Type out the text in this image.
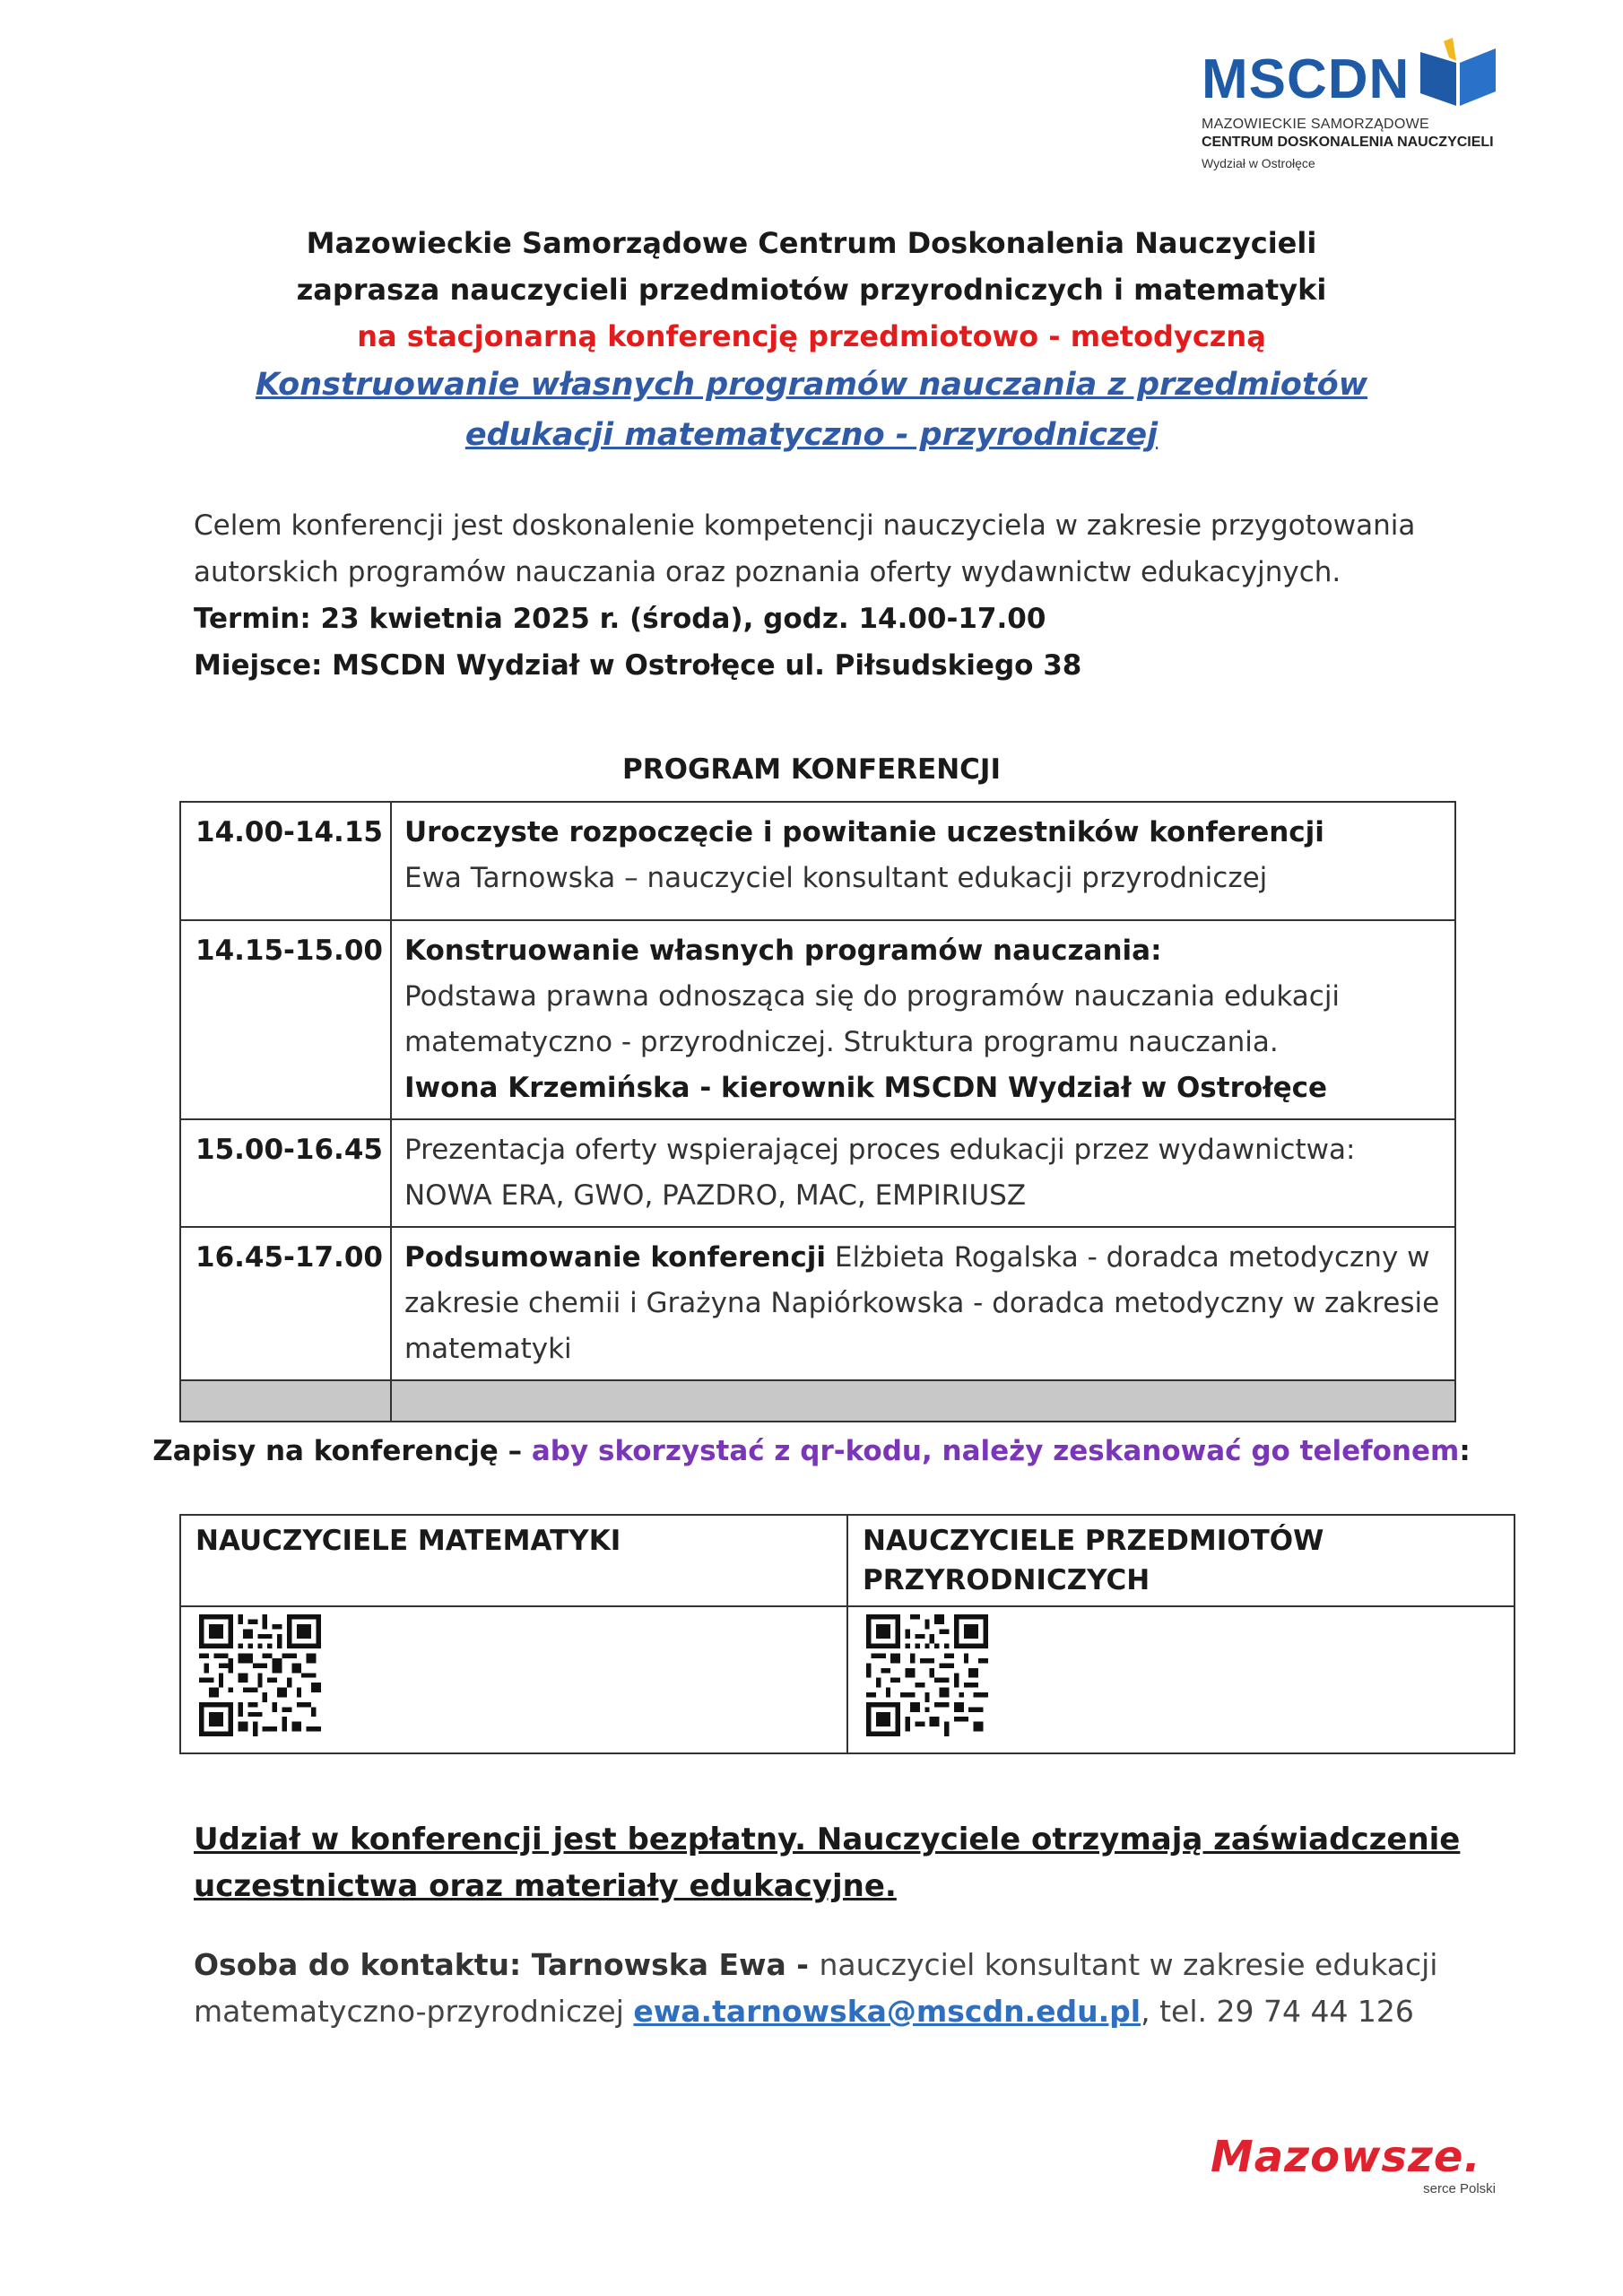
MSCDN
MAZOWIECKIE SAMORZĄDOWE
CENTRUM DOSKONALENIA NAUCZYCIELI
Wydział w Ostrołęce
Mazowieckie Samorządowe Centrum Doskonalenia Nauczycieli
zaprasza nauczycieli przedmiotów przyrodniczych i matematyki
na stacjonarną konferencję przedmiotowo - metodyczną
Konstruowanie własnych programów nauczania z przedmiotów
edukacji matematyczno - przyrodniczej
Celem konferencji jest doskonalenie kompetencji nauczyciela w zakresie przygotowania autorskich programów nauczania oraz poznania oferty wydawnictw edukacyjnych.
Termin: 23 kwietnia 2025 r. (środa), godz. 14.00-17.00
Miejsce: MSCDN Wydział w Ostrołęce ul. Piłsudskiego 38
PROGRAM KONFERENCJI
14.00-14.15	Uroczyste rozpoczęcie i powitanie uczestników konferencji
Ewa Tarnowska – nauczyciel konsultant edukacji przyrodniczej

14.15-15.00	Konstruowanie własnych programów nauczania:
Podstawa prawna odnosząca się do programów nauczania edukacji matematyczno - przyrodniczej. Struktura programu nauczania.
Iwona Krzemińska - kierownik MSCDN Wydział w Ostrołęce

15.00-16.45	Prezentacja oferty wspierającej proces edukacji przez wydawnictwa: NOWA ERA, GWO, PAZDRO, MAC, EMPIRIUSZ

16.45-17.00	Podsumowanie konferencji Elżbieta Rogalska - doradca metodyczny w zakresie chemii i Grażyna Napiórkowska - doradca metodyczny w zakresie matematyki

Zapisy na konferencję – aby skorzystać z qr-kodu, należy zeskanować go telefonem:
NAUCZYCIELE MATEMATYKI	NAUCZYCIELE PRZEDMIOTÓW PRZYRODNICZYCH

Udział w konferencji jest bezpłatny. Nauczyciele otrzymają zaświadczenie uczestnictwa oraz materiały edukacyjne.
Osoba do kontaktu: Tarnowska Ewa - nauczyciel konsultant w zakresie edukacji matematyczno-przyrodniczej ewa.tarnowska@mscdn.edu.pl, tel. 29 74 44 126
Mazowsze.
serce Polski
